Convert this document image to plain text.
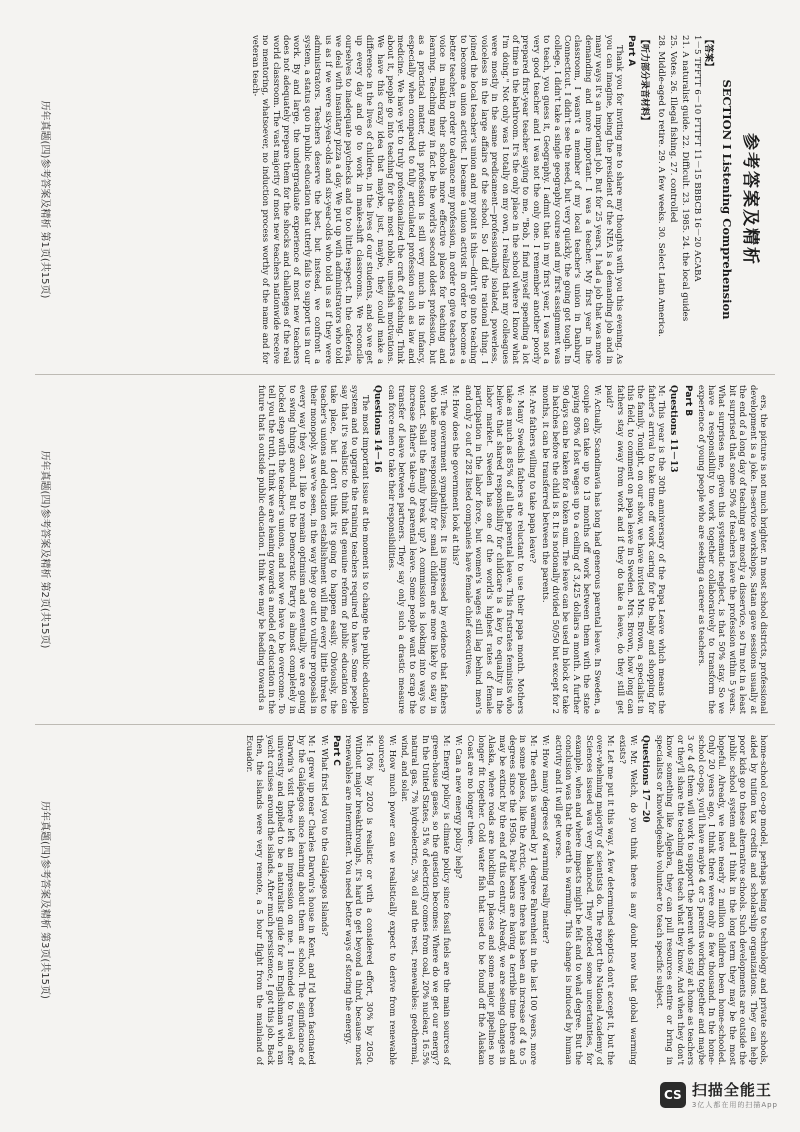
参考答案及精析
SECTION I Listening Comprehension
【答案】
1－5 TFFTT 6－10 FTTFT 11－15 BBBCB 16－20 ACABA
21. A naturalist guide. 22. Difficult. 23. 1985. 24. the local guides
25. Votes. 26. Illegal fishing. 27. controlled
28. Middle-aged to retire. 29. A few weeks. 30. Select Latin America.
【听力部分录音材料】
Part A

Thank you for inviting me to share my thoughts with you this evening. As you can imagine, being the president of the NEA is a demanding job and in many ways it's an important job. But for 25 years, I had a job that was more demanding and more important. I was a teacher. My first year in the classroom, I wasn't a member of my local teacher's union in Danbury Connecticut. I didn't see the need, but very quickly, the going got tough. In college, I didn't take a single geography course and my first assignment was to teach, you guess it, Geography. I admit that in my first year, I was not a very good teacher and I was not the only one. I remember another poorly prepared first-year teacher saying to me, "Bob, I find myself spending a lot of time in the bathroom. It's the only place in the school where I know what I'm doing." Not only was I totally on my own, I realized that my colleagues were mostly in the same predicament—professionally isolated, powerless, voiceless in the large affairs of the school. So I did the rational thing. I joined the local teacher's union and my point is this—didn't go into teaching to become a union activist. I became a union activist in order to become a better teacher, in order to advance my profession, in order to give teachers a voice in making their schools more effective places for teaching and learning. Teaching may in fact be the world's second oldest profession, but as a practical matter, this profession is still very much in its infancy, especially when compared to fully articulated profession such as law and medicine. We have yet to truly professionalized the craft of teaching. Think about it, people go into teaching for the most noble, unselfish motivations. We have this crazy idea that maybe, just, maybe, they could make a difference in the lives of children, in the lives of our students, and so we get up every day and go to work in make-shift classrooms. We reconcile ourselves to inadequate paychecks and to too little respect. In the cafeteria, we deal with insanitary pizza a day. We put up with administrators who told us as if we were six-year-olds and six-year-olds who told us as if they were administrators. Teachers deserve the best, but instead, we confront a system, a status quo in public education that utterly fails to support us in our work. By and large, the undergraduate experience of most new teachers does not adequately prepare them for the shocks and challenges of the real world classroom. The vast majority of most new teachers nationwide receive no mentoring, whatsoever, no induction process worthy of the name and for veteran teach-

历年真题(四)参考答案及精析 第1页(共15页)

ers, the picture is not much brighter. In most school districts, professional development is a joke. In-service workshops, Satan gave sessions usually at the end of a long day of teaching are mostly a disservice, so I'm not in a least bit surprised that some 50% of teachers leave the profession within 5 years. What surprises me, given this systematic neglect, is that 50% stay. So we have a responsibility to work together collaboratively to transform the experience of young people who are seeking a career as teachers.

Part B
Questions 11－13

M: This year is the 30th anniversary of the Papa Leave which means the father's arrival to take time off work caring for the baby and shopping for the family. Tonight, on our show, we have invited Mrs. Brown, a specialist in this field, to comment on papa leave in Sweden. Mrs. Brown, how long can fathers stay away from work and if they do take a leave, do they still get paid?

W: Actually, Scandinavia has long had generous parental leave. In Sweden, a couple can take up to 13 months off work between them with the state paying 80% of lost wages up to a ceiling of 3,425 dollars a month. A further 90 days can be taken for a token sum. The leave can be used in block or take in batches before the child is 8. It is notionally divided 50/50 but except for 2 months, it can be transferred between the parents.

M: Are fathers willing to take papa leave?

W: Many Swedish fathers are reluctant to use their papa month. Mothers take as much as 85% of all the parental leave. This frustrates feminists who believe that shared responsibility for childcare is a key to equality in the labor market. Sweden has one of the world's highest rates of female participation in the labor force, but women's wages still lag behind men's and only 2 out of 282 listed companies have female chief executives.

M: How does the government look at this?

W: The government sympathizes. It is impressed by evidence that fathers who take more responsibility for small children are more likely to stay in contact. Shall the family break up? A commission is looking into ways to increase father's take-up of parental leave. Some people want to scrap the transfer of leave between partners. They say only such a drastic measure can force men to take their responsibilities.

Questions 14－16

The most important issue at the moment is to change the public education system and to upgrade the training teachers required to have. Some people say that it's realistic to think that genuine reform of public education can take place, but I don't think it's going to happen easily. Obviously, the teacher's unions and education establishment will find every little threat to their monopoly. As we've seen, in the way they go out to vulture proposals in every way they can. I like to remain optimism and eventually, we are going to swing things around. But the Democratic Party is almost completely in locked step with the teacher's unions, and now we have to be overcome. To tell you the truth, I think we are leaning towards a model of education in the future that is outside public education. I think we may be heading towards a

历年真题(四)参考答案及精析 第2页(共15页)

home-school co-op model, perhaps being to technology and private schools, aided by tuition tax credits and scholarship organizations. They can help poor kids go to these alternative schools. Such developments are outside the public school system and I think in the long term they may be the most hopeful. Already, we have nearly 2 million children been home-schooled. Only 20 years ago, I think there were only a few thousand. In the home-school co-ops, you'll have maybe 4 or 5 parents working together and maybe 3 or 4 of them will work to support the parent who stay at home as teachers or they'll share the teaching and teach what they know. And when they don't know something like Algebra, they can pull resources entire or bring in specialists or knowledgeable volunteer to teach specific subject.

Questions 17－20

W: Mr. Welch, do you think there is any doubt now that global warming exists?

M: Let me put it this way. A few determined skeptics don't accept it, but the over-whelming majority of scientists do. The report the National Academy of Sciences issued was very balanced. They noticed some uncertainties, for example, when and where impacts might be felt and to what degree. But the conclusion was that the earth is warming. This change is induced by human activity and it will get worse.

W: How many degrees of warming really matter?

M: The earth is warmed by 1 degree Fahrenheit in the last 100 years, more in some places, like the Arctic, where there has been an increase of 4 to 5 degrees since the 1950s. Polar bears are having a terrible time there and may be extinct by the end of this century. Already, we are seeing changes in Alaska, where roads are buckling in places and some major pipelines no longer fit together. Cold water fish that used to be found off the Alaskan Coast are no longer there.

W: Can a new energy policy help?

M: Energy policy is climate policy since fossil fuels are the main sources of green-house gases, so the question becomes: Where do we get our energy? In the United States, 51% of electricity comes from coal, 20% nuclear, 16.5% natural gas, 7% hydroelectric, 3% oil and the rest, renewables: geothermal, wind, and solar.

W: How much power can we realistically expect to derive from renewable sources?

M: 10% by 2020 is realistic or with a considered effort, 30% by 2050. Without major breakthroughs, it's hard to get beyond a third, because most renewables are intermittent. You need better ways of storing the energy.

Part C

W: What first led you to the Galápagos Islands?

M: I grew up near Charles Darwin's house in Kent, and I'd been fascinated by the Galápagos since learning about them at school. The significance of Darwin's visit there left an impression on me. I intended to travel after university and applied to be a naturalist guide for an Englishman who ran yacht cruises around the islands. After much persistence, I got this job. Back then, the islands were very remote, a 5 hour flight from the mainland of Ecuador.

历年真题(四)参考答案及精析 第3页(共15页)
CS 扫描全能王
3亿人都在用的扫描App
